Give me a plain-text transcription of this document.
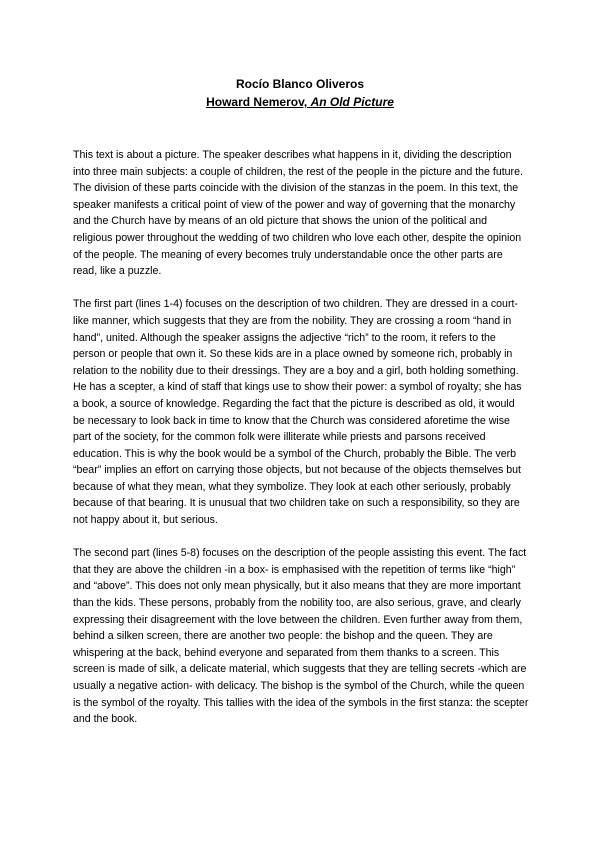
Rocío Blanco Oliveros
Howard Nemerov, An Old Picture

This text is about a picture. The speaker describes what happens in it, dividing the description into three main subjects: a couple of children, the rest of the people in the picture and the future. The division of these parts coincide with the division of the stanzas in the poem. In this text, the speaker manifests a critical point of view of the power and way of governing that the monarchy and the Church have by means of an old picture that shows the union of the political and religious power throughout the wedding of two children who love each other, despite the opinion of the people. The meaning of every becomes truly understandable once the other parts are read, like a puzzle.

The first part (lines 1-4) focuses on the description of two children. They are dressed in a court-like manner, which suggests that they are from the nobility. They are crossing a room “hand in hand”, united. Although the speaker assigns the adjective “rich” to the room, it refers to the person or people that own it. So these kids are in a place owned by someone rich, probably in relation to the nobility due to their dressings. They are a boy and a girl, both holding something. He has a scepter, a kind of staff that kings use to show their power: a symbol of royalty; she has a book, a source of knowledge. Regarding the fact that the picture is described as old, it would be necessary to look back in time to know that the Church was considered aforetime the wise part of the society, for the common folk were illiterate while priests and parsons received education. This is why the book would be a symbol of the Church, probably the Bible. The verb “bear” implies an effort on carrying those objects, but not because of the objects themselves but because of what they mean, what they symbolize. They look at each other seriously, probably because of that bearing. It is unusual that two children take on such a responsibility, so they are not happy about it, but serious.

The second part (lines 5-8) focuses on the description of the people assisting this event. The fact that they are above the children -in a box- is emphasised with the repetition of terms like “high” and “above”. This does not only mean physically, but it also means that they are more important than the kids. These persons, probably from the nobility too, are also serious, grave, and clearly expressing their disagreement with the love between the children. Even further away from them, behind a silken screen, there are another two people: the bishop and the queen. They are whispering at the back, behind everyone and separated from them thanks to a screen. This screen is made of silk, a delicate material, which suggests that they are telling secrets -which are usually a negative action- with delicacy. The bishop is the symbol of the Church, while the queen is the symbol of the royalty. This tallies with the idea of the symbols in the first stanza: the scepter and the book.
